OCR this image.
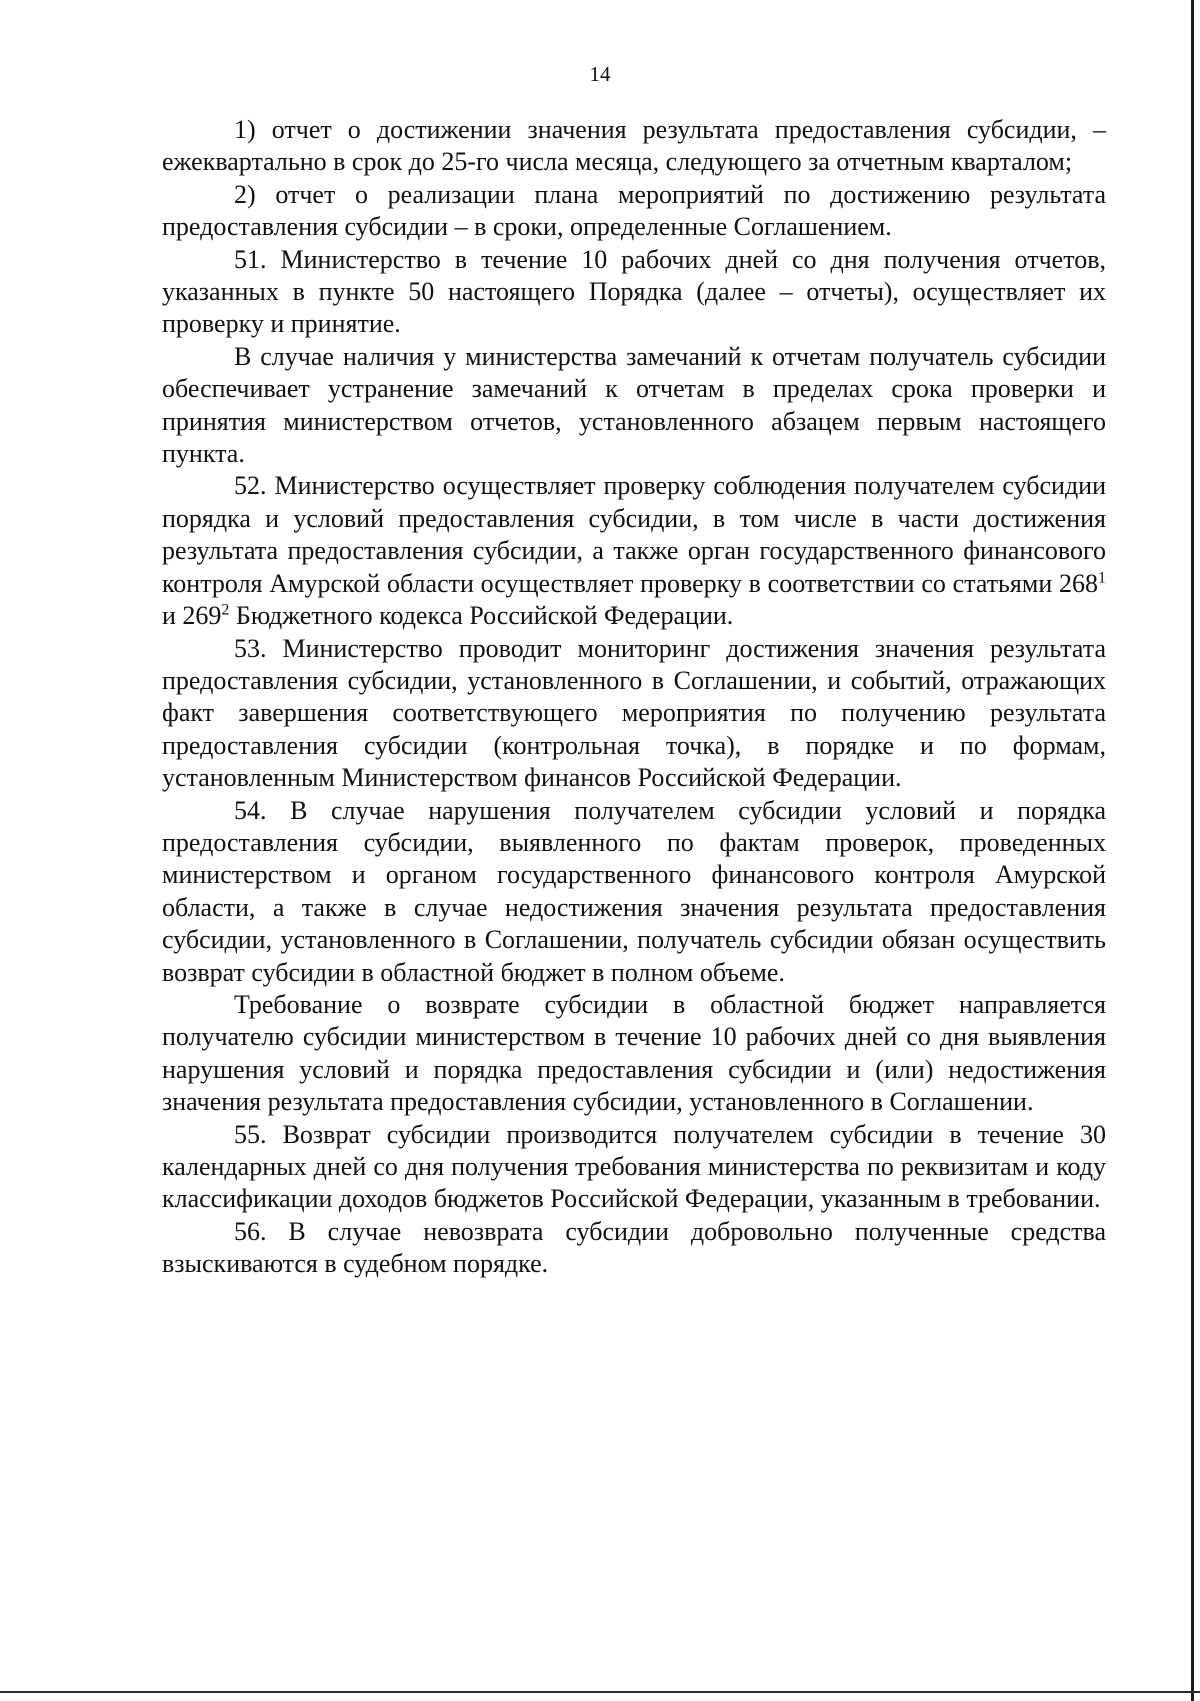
14

1) отчет о достижении значения результата предоставления субсидии, – ежеквартально в срок до 25-го числа месяца, следующего за отчетным кварталом;

2) отчет о реализации плана мероприятий по достижению результата предоставления субсидии – в сроки, определенные Соглашением.

51. Министерство в течение 10 рабочих дней со дня получения отчетов, указанных в пункте 50 настоящего Порядка (далее – отчеты), осуществляет их проверку и принятие.

В случае наличия у министерства замечаний к отчетам получатель субсидии обеспечивает устранение замечаний к отчетам в пределах срока проверки и принятия министерством отчетов, установленного абзацем первым настоящего пункта.

52. Министерство осуществляет проверку соблюдения получателем субсидии порядка и условий предоставления субсидии, в том числе в части достижения результата предоставления субсидии, а также орган государственного финансового контроля Амурской области осуществляет проверку в соответствии со статьями $268^1$ и $269^2$ Бюджетного кодекса Российской Федерации.

53. Министерство проводит мониторинг достижения значения результата предоставления субсидии, установленного в Соглашении, и событий, отражающих факт завершения соответствующего мероприятия по получению результата предоставления субсидии (контрольная точка), в порядке и по формам, установленным Министерством финансов Российской Федерации.

54. В случае нарушения получателем субсидии условий и порядка предоставления субсидии, выявленного по фактам проверок, проведенных министерством и органом государственного финансового контроля Амурской области, а также в случае недостижения значения результата предоставления субсидии, установленного в Соглашении, получатель субсидии обязан осуществить возврат субсидии в областной бюджет в полном объеме.

Требование о возврате субсидии в областной бюджет направляется получателю субсидии министерством в течение 10 рабочих дней со дня выявления нарушения условий и порядка предоставления субсидии и (или) недостижения значения результата предоставления субсидии, установленного в Соглашении.

55. Возврат субсидии производится получателем субсидии в течение 30 календарных дней со дня получения требования министерства по реквизитам и коду классификации доходов бюджетов Российской Федерации, указанным в требовании.

56. В случае невозврата субсидии добровольно полученные средства взыскиваются в судебном порядке.
